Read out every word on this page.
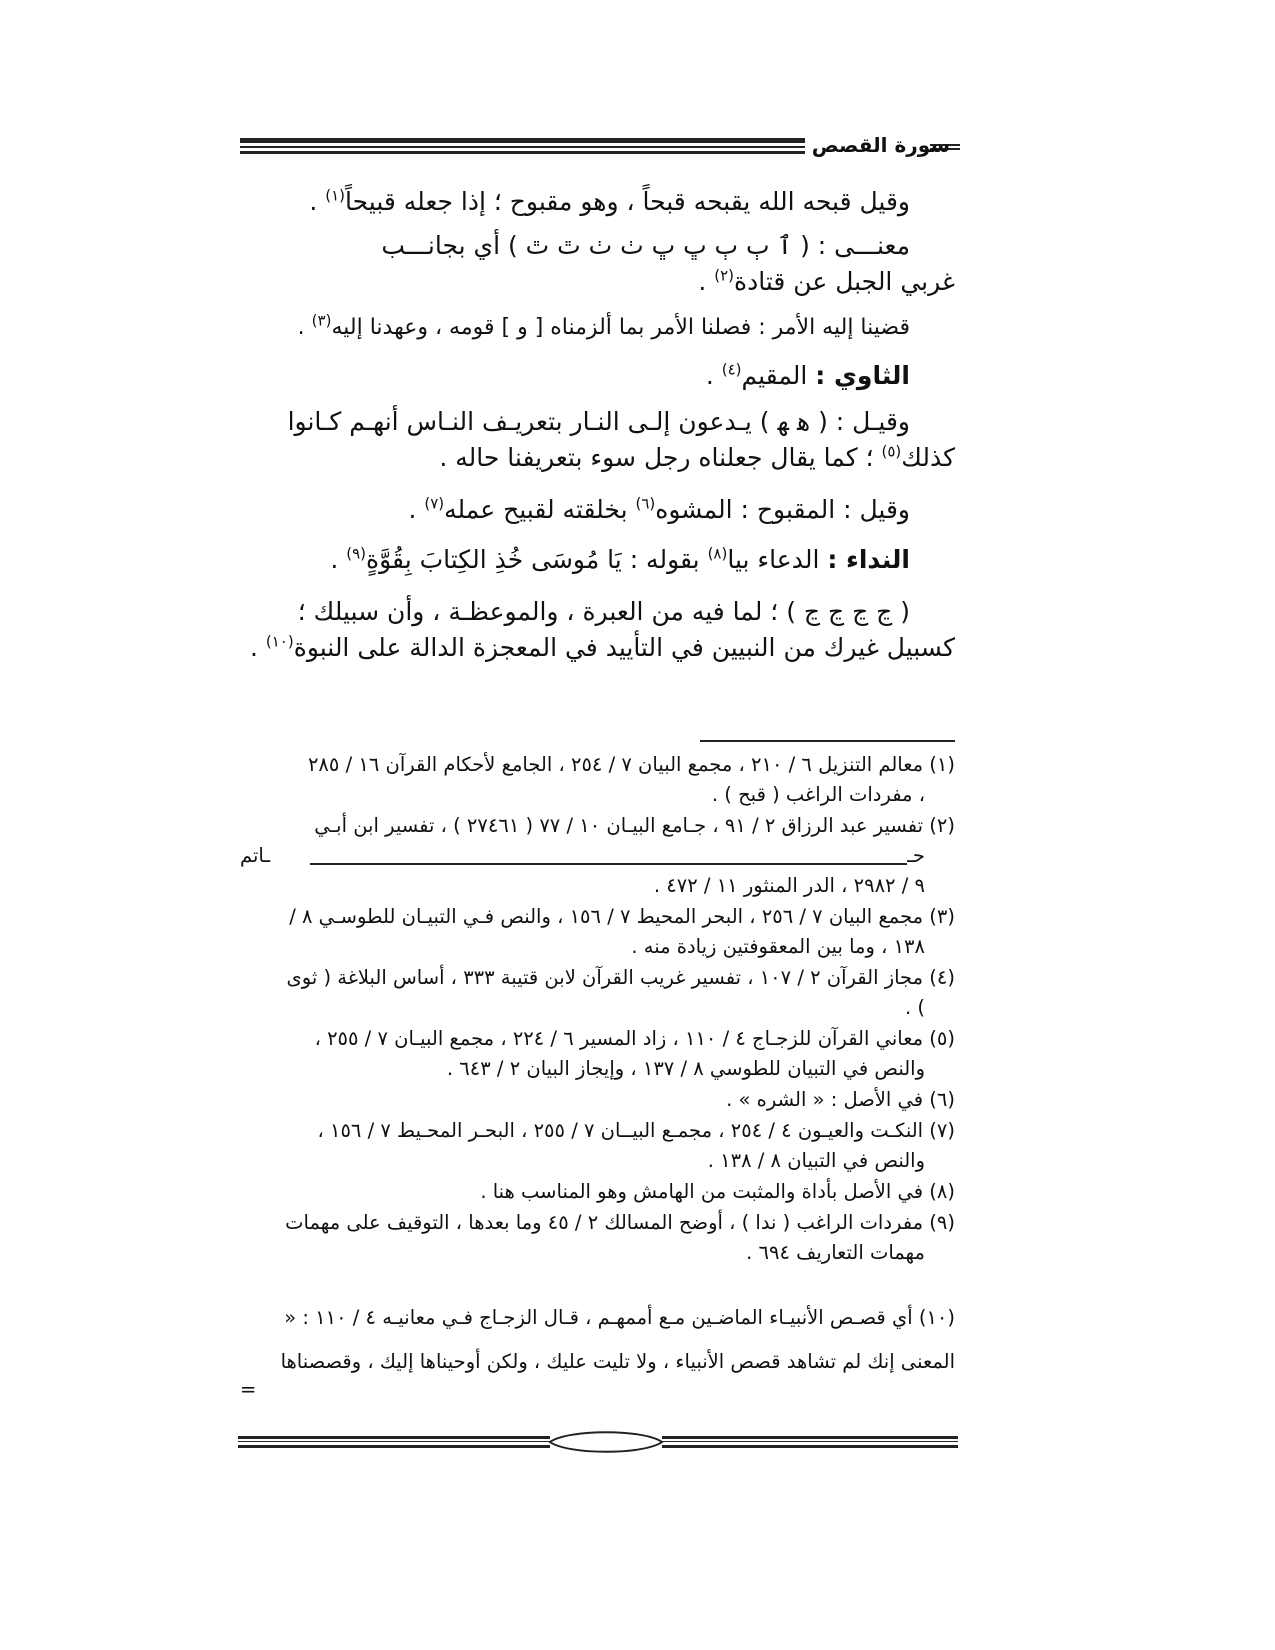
سورة القصص

وقيل قبحه الله يقبحه قبحاً ، وهو مقبوح ؛ إذا جعله قبيحاً$^{(١)}$ .

معنـــى : ( ٱ ٻ ٻ ڀ ڀ ٺ ٺ ٿ ٿ ) أي بجانـــب

غربي الجبل عن قتادة$^{(٢)}$ .

قضينا إليه الأمر : فصلنا الأمر بما ألزمناه [ و ] قومه ، وعهدنا إليه$^{(٣)}$ .

الثاوي : المقيم$^{(٤)}$ .

وقيـل : ( ﮬ ﮭ ) يـدعون إلـى النـار بتعريـف النـاس أنهـم كـانوا

كذلك$^{(٥)}$ ؛ كما يقال جعلناه رجل سوء بتعريفنا حاله .

وقيل : المقبوح : المشوه$^{(٦)}$ بخلقته لقبيح عمله$^{(٧)}$ .

النداء : الدعاء بيا$^{(٨)}$ بقوله : يَا مُوسَى خُذِ الكِتابَ بِقُوَّةٍ$^{(٩)}$ .

( ڃ ڃ ڃ ڃ ) ؛ لما فيه من العبرة ، والموعظـة ، وأن سبيلك ؛

كسبيل غيرك من النبيين في التأييد في المعجزة الدالة على النبوة$^{(١٠)}$ .

(١) معالم التنزيل ٦ / ٢١٠ ، مجمع البيان ٧ / ٢٥٤ ، الجامع لأحكام القرآن ١٦ / ٢٨٥
، مفردات الراغب ( قبح ) .

(٢) تفسير عبد الرزاق ٢ / ٩١ ، جـامع البيـان ١٠ / ٧٧ ( ٢٧٤٦١ ) ، تفسير ابن أبـي
حـ
ـاتم
٩ / ٢٩٨٢ ، الدر المنثور ١١ / ٤٧٢ .

(٣) مجمع البيان ٧ / ٢٥٦ ، البحر المحيط ٧ / ١٥٦ ، والنص فـي التبيـان للطوسـي ٨ /
١٣٨ ، وما بين المعقوفتين زيادة منه .

(٤) مجاز القرآن ٢ / ١٠٧ ، تفسير غريب القرآن لابن قتيبة ٣٣٣ ، أساس البلاغة ( ثوى
) .

(٥) معاني القرآن للزجـاج ٤ / ١١٠ ، زاد المسير ٦ / ٢٢٤ ، مجمع البيـان ٧ / ٢٥٥ ،
والنص في التبيان للطوسي ٨ / ١٣٧ ، وإيجاز البيان ٢ / ٦٤٣ .

(٦) في الأصل : « الشره » .

(٧) النكـت والعيـون ٤ / ٢٥٤ ، مجمـع البيــان ٧ / ٢٥٥ ، البحـر المحـيط ٧ / ١٥٦ ،
والنص في التبيان ٨ / ١٣٨ .

(٨) في الأصل بأداة والمثبت من الهامش وهو المناسب هنا .

(٩) مفردات الراغب ( ندا ) ، أوضح المسالك ٢ / ٤٥ وما بعدها ، التوقيف على مهمات
مهمات التعاريف ٦٩٤ .

(١٠) أي قصـص الأنبيـاء الماضـين مـع أممهـم ، قـال الزجـاج فـي معانيـه ٤ / ١١٠ : «

المعنى إنك لم تشاهد قصص الأنبياء ، ولا تليت عليك ، ولكن أوحيناها إليك ، وقصصناها

=
